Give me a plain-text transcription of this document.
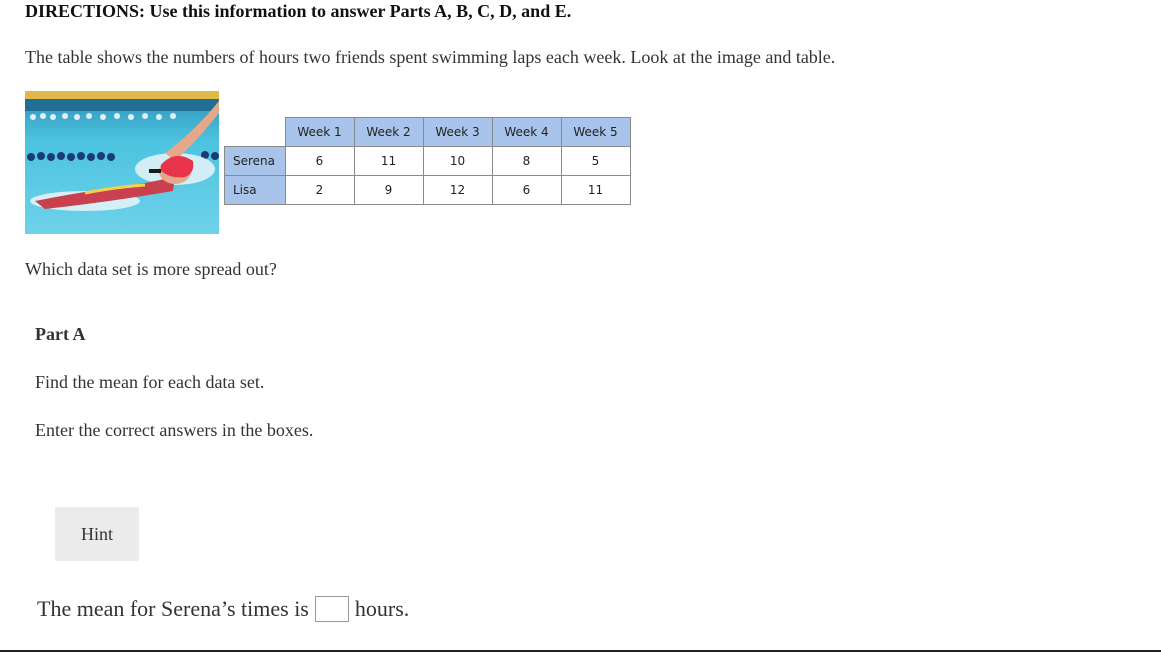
DIRECTIONS: Use this information to answer Parts A, B, C, D, and E.
The table shows the numbers of hours two friends spent swimming laps each week. Look at the image and table.
	Week 1	Week 2	Week 3	Week 4	Week 5
Serena	6	11	10	8	5
Lisa	2	9	12	6	11
Which data set is more spread out?
Part A
Find the mean for each data set.
Enter the correct answers in the boxes.
Hint
The mean for Serena’s times is hours.
